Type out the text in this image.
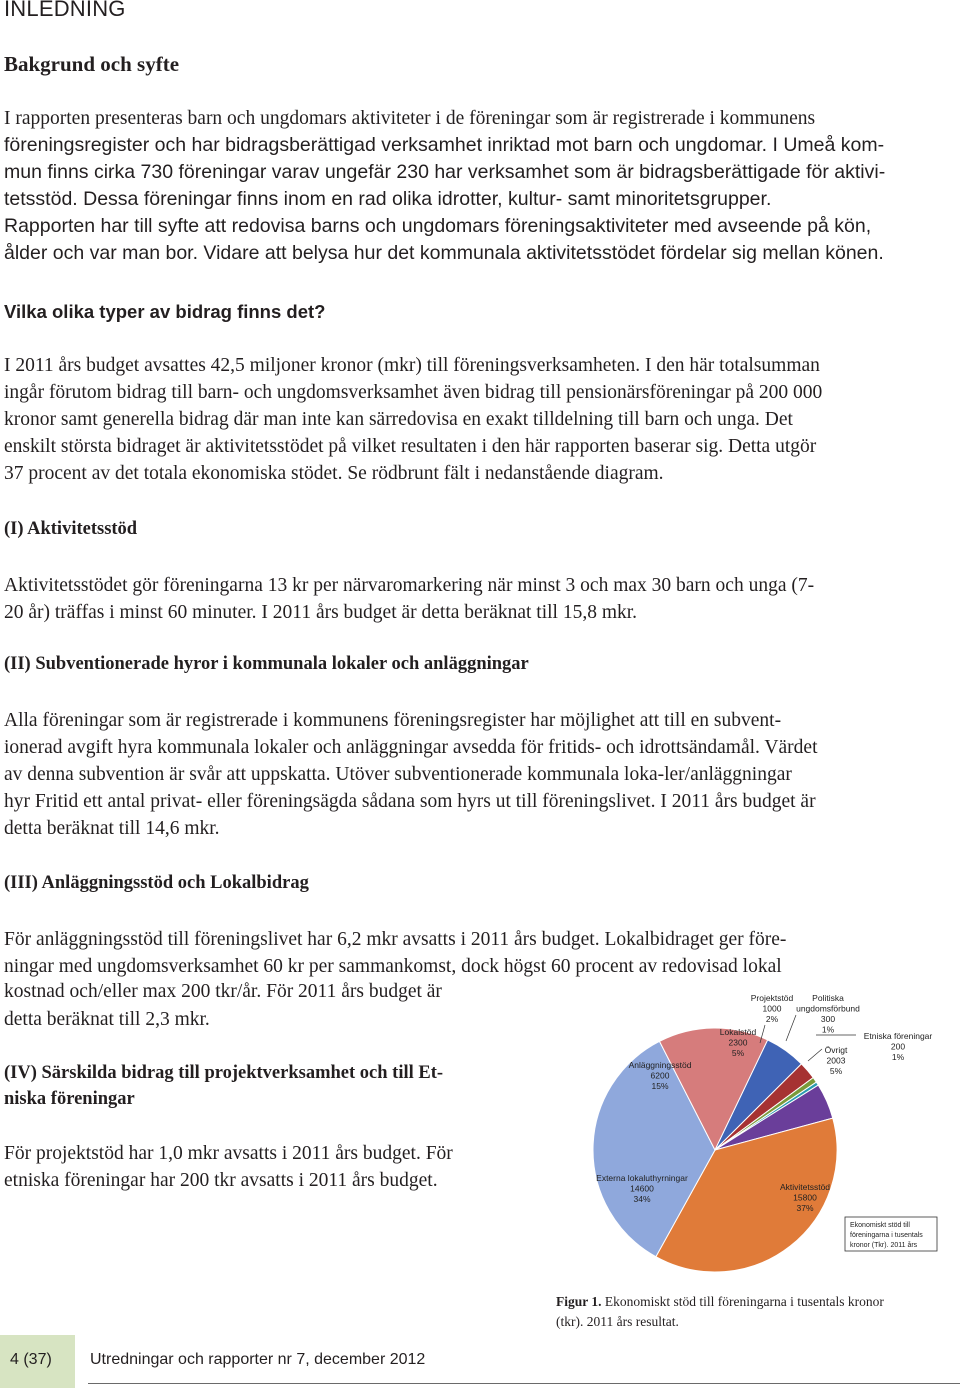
INLEDNING
Bakgrund och syfte
I rapporten presenteras barn och ungdomars aktiviteter i de föreningar som är registrerade i kommunens
föreningsregister och har bidragsberättigad verksamhet inriktad mot barn och ungdomar. I Umeå kom-
mun finns cirka 730 föreningar varav ungefär 230 har verksamhet som är bidragsberättigade för aktivi-
tetsstöd. Dessa föreningar finns inom en rad olika idrotter, kultur- samt minoritetsgrupper.
Rapporten har till syfte att redovisa barns och ungdomars föreningsaktiviteter med avseende på kön,
ålder och var man bor. Vidare att belysa hur det kommunala aktivitetsstödet fördelar sig mellan könen.
Vilka olika typer av bidrag finns det?
I 2011 års budget avsattes 42,5 miljoner kronor (mkr) till föreningsverksamheten. I den här totalsumman
ingår förutom bidrag till barn- och ungdomsverksamhet även bidrag till pensionärsföreningar på 200 000
kronor samt generella bidrag där man inte kan särredovisa en exakt tilldelning till barn och unga. Det
enskilt största bidraget är aktivitetsstödet på vilket resultaten i den här rapporten baserar sig. Detta utgör
37 procent av det totala ekonomiska stödet. Se rödbrunt fält i nedanstående diagram.
(I) Aktivitetsstöd
Aktivitetsstödet gör föreningarna 13 kr per närvaromarkering när minst 3 och max 30 barn och unga (7-
20 år) träffas i minst 60 minuter. I 2011 års budget är detta beräknat till 15,8 mkr.
(II) Subventionerade hyror i kommunala lokaler och anläggningar
Alla föreningar som är registrerade i kommunens föreningsregister har möjlighet att till en subvent-
ionerad avgift hyra kommunala lokaler och anläggningar avsedda för fritids- och idrottsändamål. Värdet
av denna subvention är svår att uppskatta. Utöver subventionerade kommunala loka-ler/anläggningar
hyr Fritid ett antal privat- eller föreningsägda sådana som hyrs ut till föreningslivet. I 2011 års budget är
detta beräknat till 14,6 mkr.
(III) Anläggningsstöd och Lokalbidrag
För anläggningsstöd till föreningslivet har 6,2 mkr avsatts i 2011 års budget. Lokalbidraget ger före-
ningar med ungdomsverksamhet 60 kr per sammankomst, dock högst 60 procent av redovisad lokal
kostnad och/eller max 200 tkr/år. För 2011 års budget är
detta beräknat till 2,3 mkr.
(IV) Särskilda bidrag till projektverksamhet och till Et-
niska föreningar
För projektstöd har 1,0 mkr avsatts i 2011 års budget. För
etniska föreningar har 200 tkr avsatts i 2011 års budget.	Aktivitetsstöd 15800 37%
Externa lokaluthyrningar 14600 34%
Anläggningsstöd 6200 15%
Lokalstöd 2300 5%
Projektstöd 1000 2%
Politiska ungdomsförbund 300 1%
Övrigt 2003 5%
Etniska föreningar 200 1%
Ekonomiskt stöd till
föreningarna i tusentals
kronor (Tkr). 2011 års
Figur 1. Ekonomiskt stöd till föreningarna i tusentals kronor (tkr). 2011 års resultat.
4 (37) Utredningar och rapporter nr 7, december 2012
